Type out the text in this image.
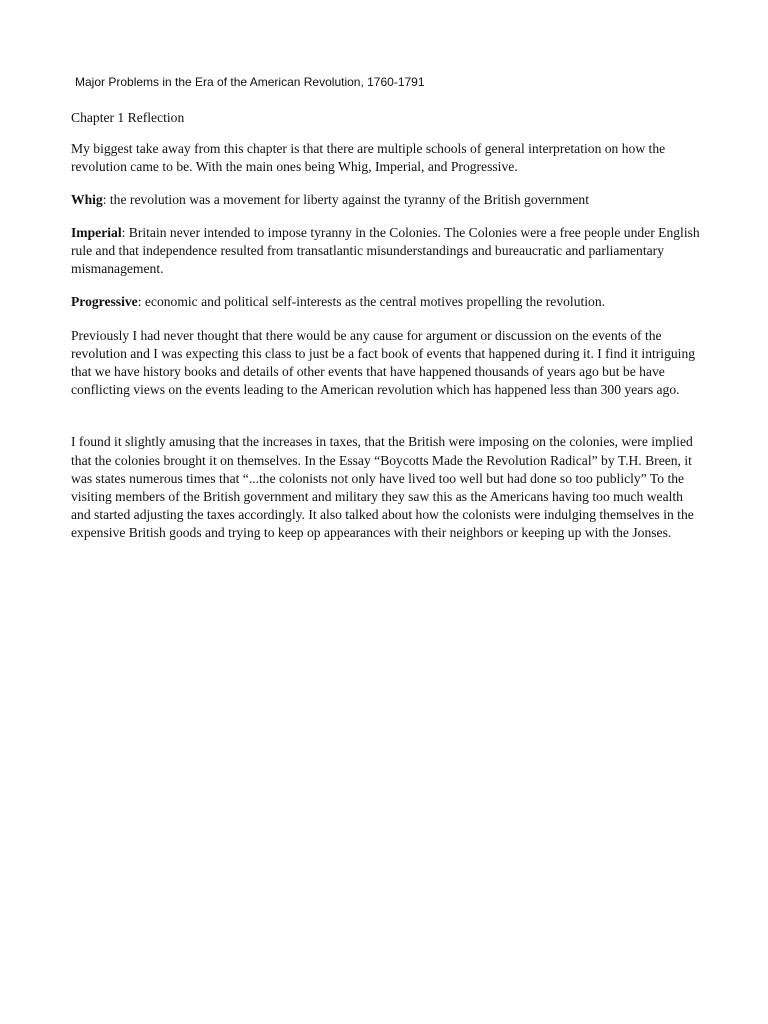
Major Problems in the Era of the American Revolution, 1760-1791

Chapter 1 Reflection

My biggest take away from this chapter is that there are multiple schools of general interpretation on how the revolution came to be. With the main ones being Whig, Imperial, and Progressive.

Whig: the revolution was a movement for liberty against the tyranny of the British government

Imperial: Britain never intended to impose tyranny in the Colonies. The Colonies were a free people under English rule and that independence resulted from transatlantic misunderstandings and bureaucratic and parliamentary mismanagement.

Progressive: economic and political self-interests as the central motives propelling the revolution.

Previously I had never thought that there would be any cause for argument or discussion on the events of the revolution and I was expecting this class to just be a fact book of events that happened during it. I find it intriguing that we have history books and details of other events that have happened thousands of years ago but be have conflicting views on the events leading to the American revolution which has happened less than 300 years ago.

I found it slightly amusing that the increases in taxes, that the British were imposing on the colonies, were implied that the colonies brought it on themselves. In the Essay “Boycotts Made the Revolution Radical” by T.H. Breen, it was states numerous times that “...the colonists not only have lived too well but had done so too publicly” To the visiting members of the British government and military they saw this as the Americans having too much wealth and started adjusting the taxes accordingly. It also talked about how the colonists were indulging themselves in the expensive British goods and trying to keep op appearances with their neighbors or keeping up with the Jonses.
